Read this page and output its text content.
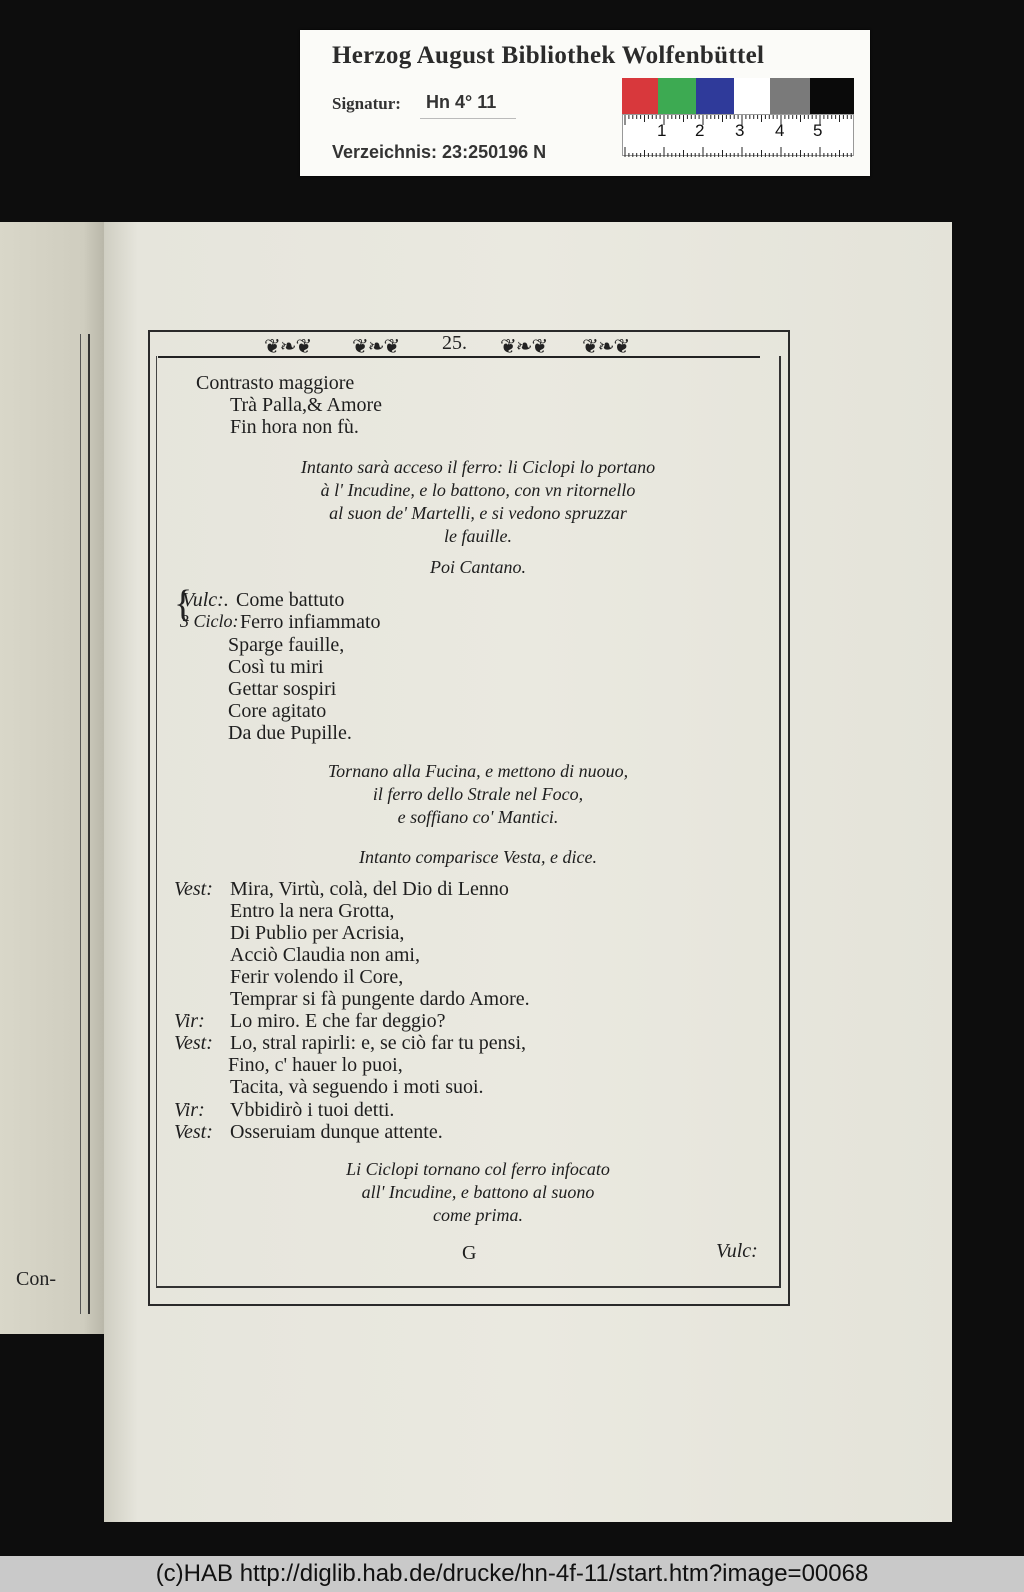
Herzog August Bibliothek Wolfenbüttel
Signatur: Hn 4° 11
Verzeichnis: 23:250196 N
1 2 3 4 5
Con-
❦❧❦ ❦❧❦ 25. ❦❧❦ ❦❧❦
Contrasto maggiore
Trà Palla,& Amore
Fin hora non fù.
Intanto sarà acceso il ferro: li Ciclopi lo portano
à l' Incudine, e lo battono, con vn ritornello
al suon de' Martelli, e si vedono spruzzar
le fauille.
Poi Cantano.
{
Vulc:. Come battuto
3 Ciclo: Ferro infiammato
Sparge fauille,
Così tu miri
Gettar sospiri
Core agitato
Da due Pupille.
Tornano alla Fucina, e mettono di nuouo,
il ferro dello Strale nel Foco,
e soffiano co' Mantici.
Intanto comparisce Vesta, e dice.
Vest: Mira, Virtù, colà, del Dio di Lenno
Entro la nera Grotta,
Di Publio per Acrisia,
Acciò Claudia non ami,
Ferir volendo il Core,
Temprar si fà pungente dardo Amore.
Vir: Lo miro. E che far deggio?
Vest: Lo, stral rapirli: e, se ciò far tu pensi,
Fino, c' hauer lo puoi,
Tacita, và seguendo i moti suoi.
Vir: Vbbidirò i tuoi detti.
Vest: Osseruiam dunque attente.
Li Ciclopi tornano col ferro infocato
all' Incudine, e battono al suono
come prima.
G	Vulc:
(c)HAB http://diglib.hab.de/drucke/hn-4f-11/start.htm?image=00068
